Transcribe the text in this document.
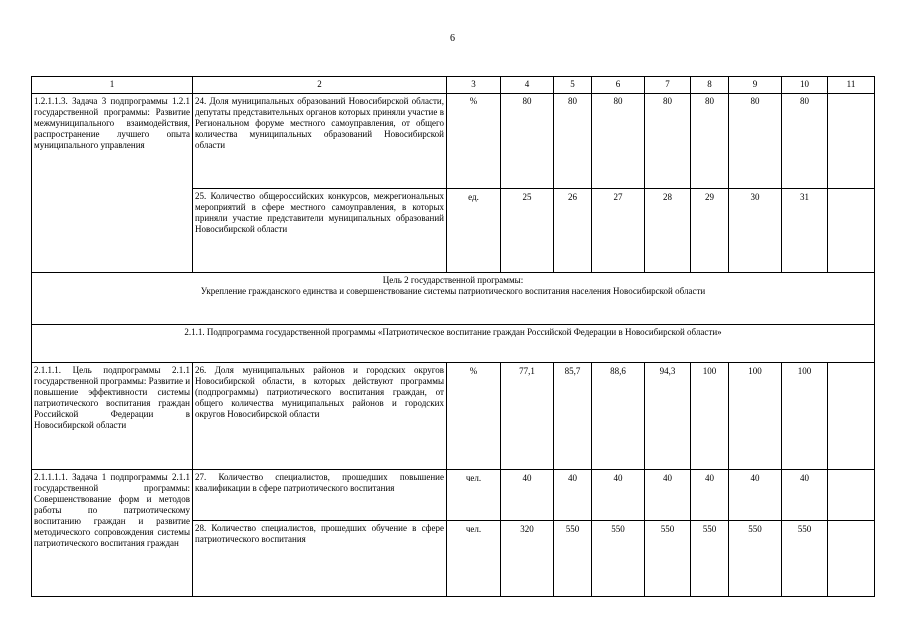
6
1	2	3	4	5	6	7	8	9	10	11
1.2.1.1.3. Задача 3 подпрограммы 1.2.1 государственной программы: Развитие межмуниципального взаимодействия, распространение лучшего опыта муниципального управления	24. Доля муниципальных образований Новосибирской области, депутаты представительных органов которых приняли участие в Региональном форуме местного самоуправления, от общего количества муниципальных образований Новосибирской области	%	80	80	80	80	80	80	80	
	25. Количество общероссийских конкурсов, межрегиональных мероприятий в сфере местного самоуправления, в которых приняли участие представители муниципальных образований Новосибирской области	ед.	25	26	27	28	29	30	31	

Цель 2 государственной программы:
Укрепление гражданского единства и совершенствование системы патриотического воспитания населения Новосибирской области										

2.1.1. Подпрограмма государственной программы «Патриотическое воспитание граждан Российской Федерации в Новосибирской области»										
2.1.1.1. Цель подпрограммы 2.1.1 государственной программы: Развитие и повышение эффективности системы патриотического воспитания граждан Российской Федерации в Новосибирской области	26. Доля муниципальных районов и городских округов Новосибирской области, в которых действуют программы (подпрограммы) патриотического воспитания граждан, от общего количества муниципальных районов и городских округов Новосибирской области	%	77,1	85,7	88,6	94,3	100	100	100	
2.1.1.1.1. Задача 1 подпрограммы 2.1.1 государственной программы: Совершенствование форм и методов работы по патриотическому воспитанию граждан и развитие методического сопровождения системы патриотического воспитания граждан	27. Количество специалистов, прошедших повышение квалификации в сфере патриотического воспитания	чел.	40	40	40	40	40	40	40	
	28. Количество специалистов, прошедших обучение в сфере патриотического воспитания	чел.	320	550	550	550	550	550	550	
